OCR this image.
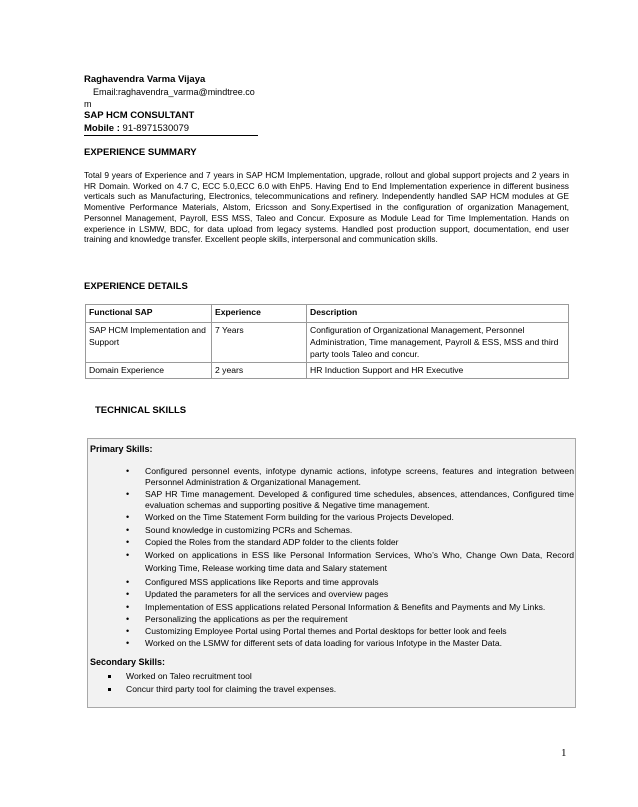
Raghavendra Varma Vijaya
Email:raghavendra_varma@mindtree.co m
SAP HCM CONSULTANT
Mobile : 91-8971530079
EXPERIENCE SUMMARY
Total 9 years of Experience and 7 years in SAP HCM Implementation, upgrade, rollout and global support projects and 2 years in HR Domain. Worked on 4.7 C, ECC 5.0,ECC 6.0 with EhP5. Having End to End Implementation experience in different business verticals such as Manufacturing, Electronics, telecommunications and refinery. Independently handled SAP HCM modules at GE Momentive Performance Materials, Alstom, Ericsson and Sony.Expertised in the configuration of organization Management, Personnel Management, Payroll, ESS MSS, Taleo and Concur. Exposure as Module Lead for Time Implementation. Hands on experience in LSMW, BDC, for data upload from legacy systems. Handled post production support, documentation, end user training and knowledge transfer. Excellent people skills, interpersonal and communication skills.
EXPERIENCE DETAILS
Functional SAP	Experience	Description
SAP HCM Implementation and Support	7 Years	Configuration of Organizational Management, Personnel Administration, Time management, Payroll & ESS, MSS and third party tools Taleo and concur.
Domain Experience	2 years	HR Induction Support and HR Executive
TECHNICAL SKILLS
Primary Skills:
• Configured personnel events, infotype dynamic actions, infotype screens, features and integration between Personnel Administration & Organizational Management.
• SAP HR Time management. Developed & configured time schedules, absences, attendances, Configured time evaluation schemas and supporting positive & Negative time management.
• Worked on the Time Statement Form building for the various Projects Developed.
• Sound knowledge in customizing PCRs and Schemas.
• Copied the Roles from the standard ADP folder to the clients folder
• Worked on applications in ESS like Personal Information Services, Who’s Who, Change Own Data, Record Working Time, Release working time data and Salary statement
• Configured MSS applications like Reports and time approvals
• Updated the parameters for all the services and overview pages
• Implementation of ESS applications related Personal Information & Benefits and Payments and My Links.
• Personalizing the applications as per the requirement
• Customizing Employee Portal using Portal themes and Portal desktops for better look and feels
• Worked on the LSMW for different sets of data loading for various Infotype in the Master Data.
Secondary Skills:
Worked on Taleo recruitment tool
Concur third party tool for claiming the travel expenses.
1
